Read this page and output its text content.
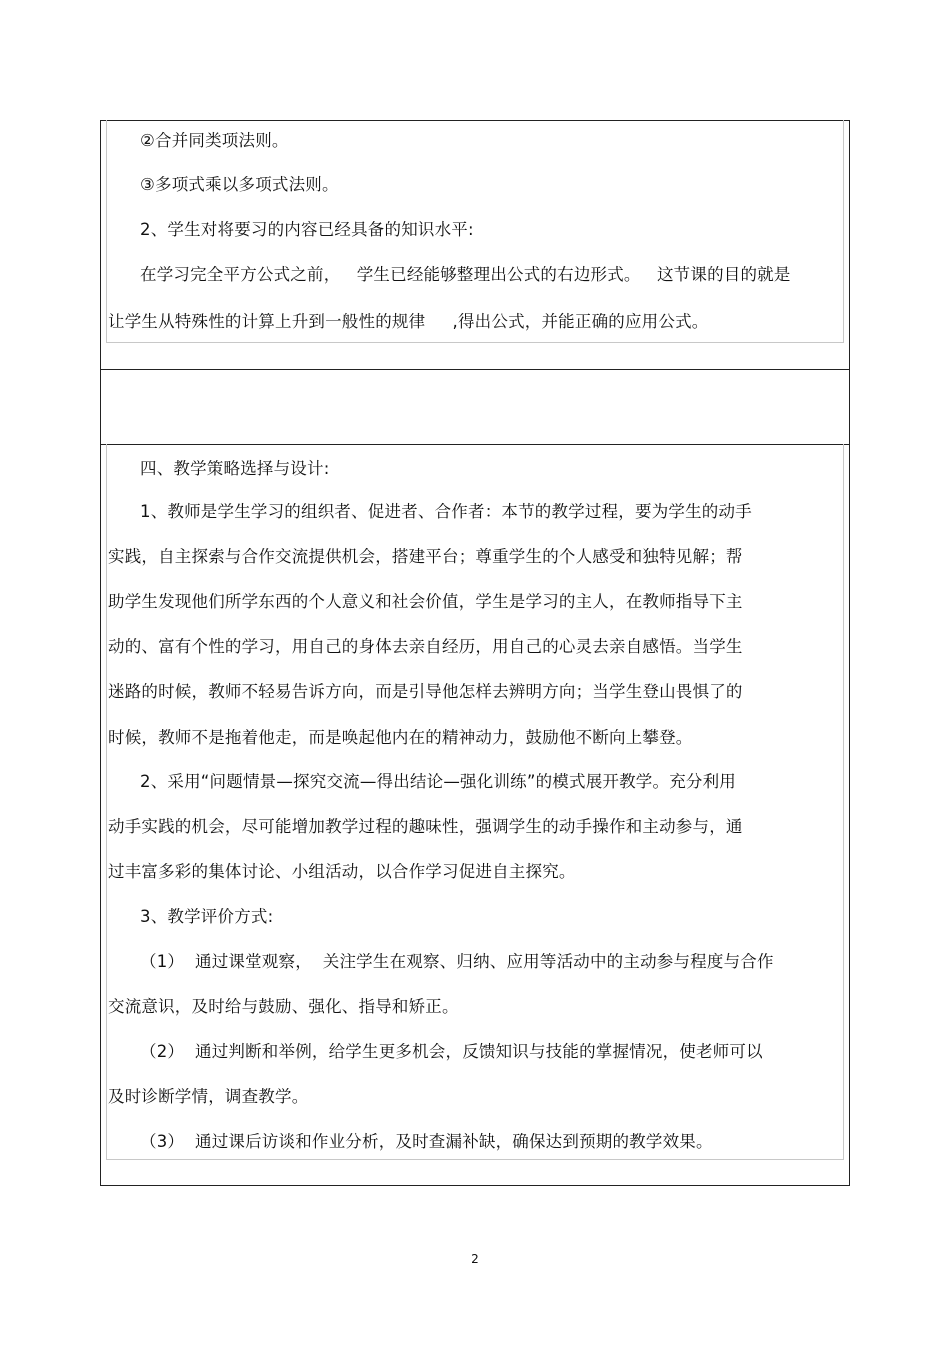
②合并同类项法则。
③多项式乘以多项式法则。
2、学生对将要习的内容已经具备的知识水平:
在学习完全平方公式之前，   学生已经能够整理出公式的右边形式。   这节课的目的就是
让学生从特殊性的计算上升到一般性的规律     ,得出公式，并能正确的应用公式。
四、教学策略选择与设计:
1、教师是学生学习的组织者、促进者、合作者：本节的教学过程，要为学生的动手
实践，自主探索与合作交流提供机会，搭建平台；尊重学生的个人感受和独特见解；帮
助学生发现他们所学东西的个人意义和社会价值，学生是学习的主人，在教师指导下主
动的、富有个性的学习，用自己的身体去亲自经历，用自己的心灵去亲自感悟。当学生
迷路的时候，教师不轻易告诉方向，而是引导他怎样去辨明方向；当学生登山畏惧了的
时候，教师不是拖着他走，而是唤起他内在的精神动力，鼓励他不断向上攀登。
2、采用“问题情景—探究交流—得出结论—强化训练”的模式展开教学。充分利用
动手实践的机会，尽可能增加教学过程的趣味性，强调学生的动手操作和主动参与，通
过丰富多彩的集体讨论、小组活动，以合作学习促进自主探究。
3、教学评价方式:
（1）  通过课堂观察，  关注学生在观察、归纳、应用等活动中的主动参与程度与合作
交流意识，及时给与鼓励、强化、指导和矫正。
（2）  通过判断和举例，给学生更多机会，反馈知识与技能的掌握情况，使老师可以
及时诊断学情，调查教学。
（3）  通过课后访谈和作业分析，及时查漏补缺，确保达到预期的教学效果。
2
